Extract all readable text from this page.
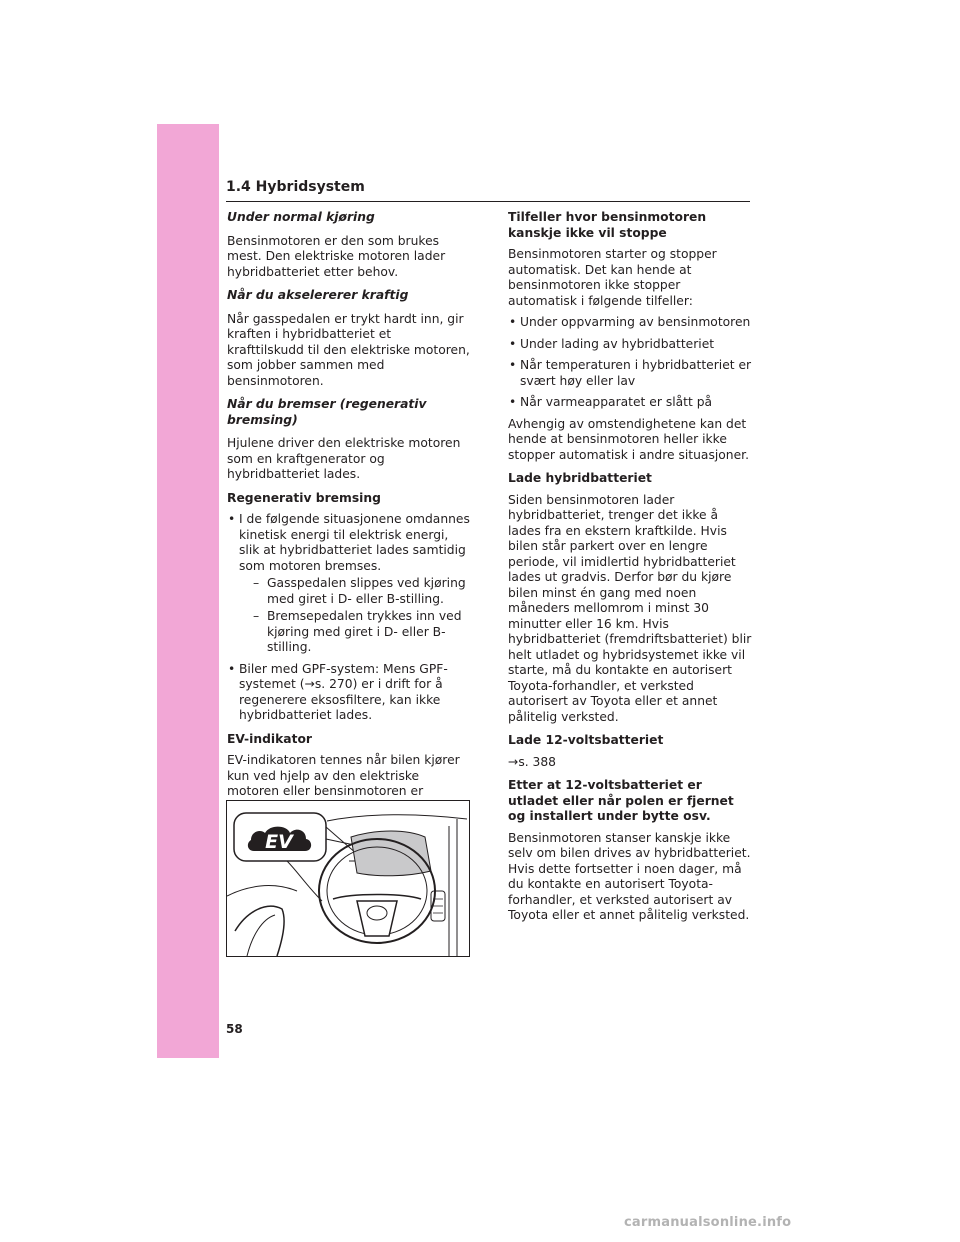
1.4 Hybridsystem
Under normal kjøring

Bensinmotoren er den som brukes mest. Den elektriske motoren lader hybridbatteriet etter behov.

Når du akselererer kraftig

Når gasspedalen er trykt hardt inn, gir kraften i hybridbatteriet et krafttilskudd til den elektriske motoren, som jobber sammen med bensinmotoren.

Når du bremser (regenerativ bremsing)

Hjulene driver den elektriske motoren som en kraftgenerator og hybridbatteriet lades.

Regenerativ bremsing
• I de følgende situasjonene omdannes kinetisk energi til elektrisk energi, slik at hybridbatteriet lades samtidig som motoren bremses.
– Gasspedalen slippes ved kjøring med giret i D- eller B-stilling.
– Bremsepedalen trykkes inn ved kjøring med giret i D- eller B-stilling.
• Biler med GPF-system: Mens GPF-systemet (→s. 270) er i drift for å regenerere eksosfiltere, kan ikke hybridbatteriet lades.
EV-indikator

EV-indikatoren tennes når bilen kjører kun ved hjelp av den elektriske motoren eller bensinmotoren er

EV
Tilfeller hvor bensinmotoren kanskje ikke vil stoppe

Bensinmotoren starter og stopper automatisk. Det kan hende at bensinmotoren ikke stopper automatisk i følgende tilfeller:

• Under oppvarming av bensinmotoren
• Under lading av hybridbatteriet
• Når temperaturen i hybridbatteriet er svært høy eller lav
• Når varmeapparatet er slått på

Avhengig av omstendighetene kan det hende at bensinmotoren heller ikke stopper automatisk i andre situasjoner.

Lade hybridbatteriet

Siden bensinmotoren lader hybridbatteriet, trenger det ikke å lades fra en ekstern kraftkilde. Hvis bilen står parkert over en lengre periode, vil imidlertid hybridbatteriet lades ut gradvis. Derfor bør du kjøre bilen minst én gang med noen måneders mellomrom i minst 30 minutter eller 16 km. Hvis hybridbatteriet (fremdriftsbatteriet) blir helt utladet og hybridsystemet ikke vil starte, må du kontakte en autorisert Toyota-forhandler, et verksted autorisert av Toyota eller et annet pålitelig verksted.

Lade 12-voltsbatteriet

→s. 388

Etter at 12-voltsbatteriet er utladet eller når polen er fjernet og installert under bytte osv.

Bensinmotoren stanser kanskje ikke selv om bilen drives av hybridbatteriet. Hvis dette fortsetter i noen dager, må du kontakte en autorisert Toyota-forhandler, et verksted autorisert av Toyota eller et annet pålitelig verksted.

58
carmanualsonline.info
